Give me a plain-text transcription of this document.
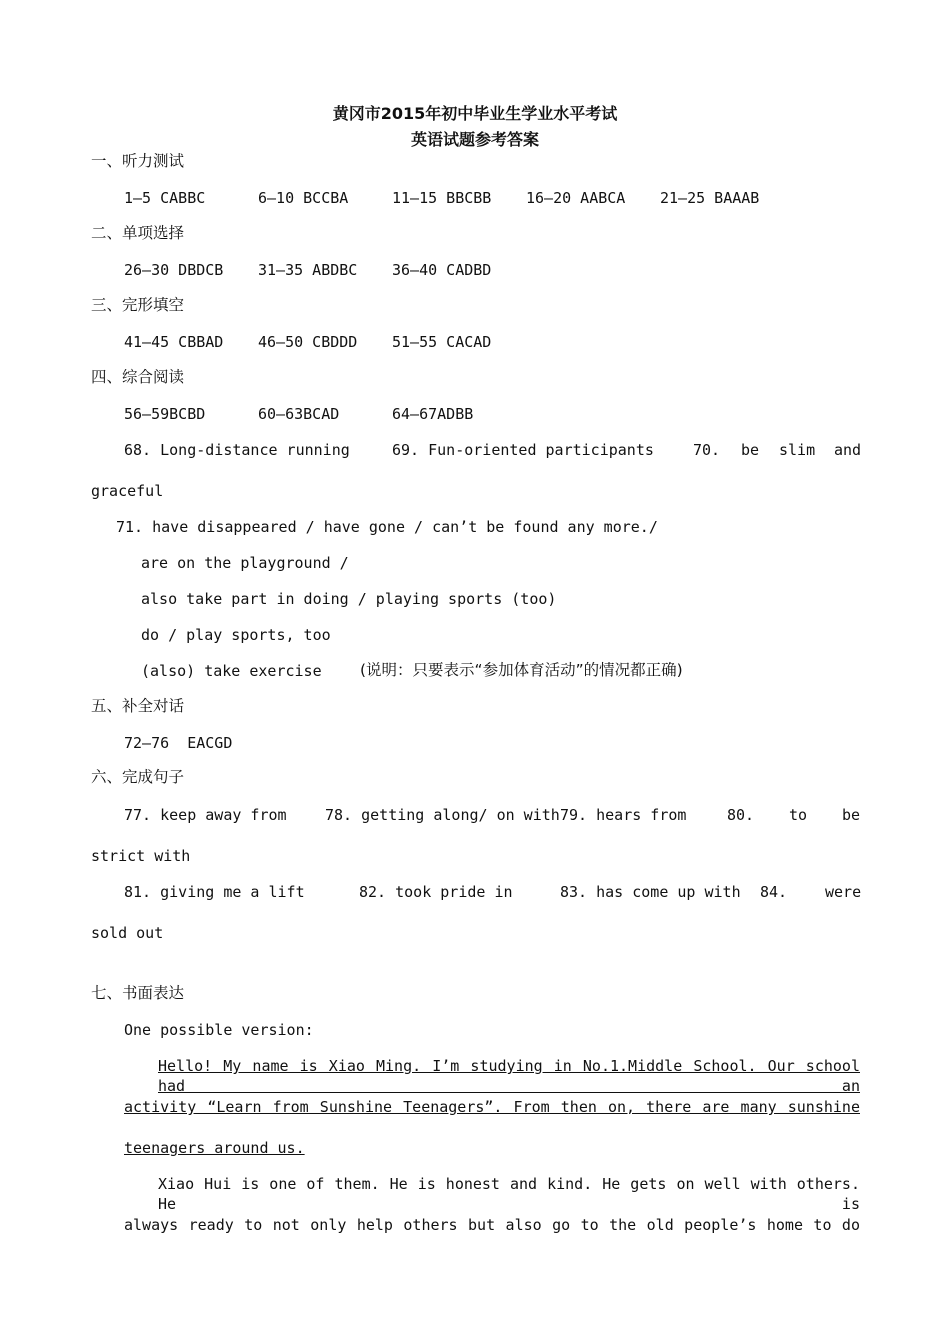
黄冈市2015年初中毕业生学业水平考试
英语试题参考答案
一、听力测试
1—5 CABBC	6—10 BCCBA	11—15 BBCBB 16—20 AABCA 21—25 BAAAB
二、单项选择
26—30 DBDCB 31—35 ABDBC 36—40 CADBD
三、完形填空
41—45 CBBAD 46—50 CBDDD 51—55 CACAD
四、综合阅读
56—59BCBD	60—63BCAD	64—67ADBB
68. Long-distance running	69. Fun-oriented participants	70. be slim and
graceful
71. have disappeared / have gone / can’t be found any more./
are on the playground /
also take part in doing / playing sports (too)
do / play sports, too
(also) take exercise (说明：只要表示“参加体育活动”的情况都正确)
五、补全对话
72—76  EACGD
六、完成句子
77. keep away from	78. getting along/ on with 79. hears from	80. to be
strict with
81. giving me a lift	82. took pride in	83. has come up with 84.	were
sold out
七、书面表达
One possible version:
Hello! My name is Xiao Ming. I’m studying in No.1.Middle School. Our school had an
activity “Learn from Sunshine Teenagers”. From then on, there are many sunshine
teenagers around us.
Xiao Hui is one of them. He is honest and kind. He gets on well with others. He is
always ready to not only help others but also go to the old people’s home to do
